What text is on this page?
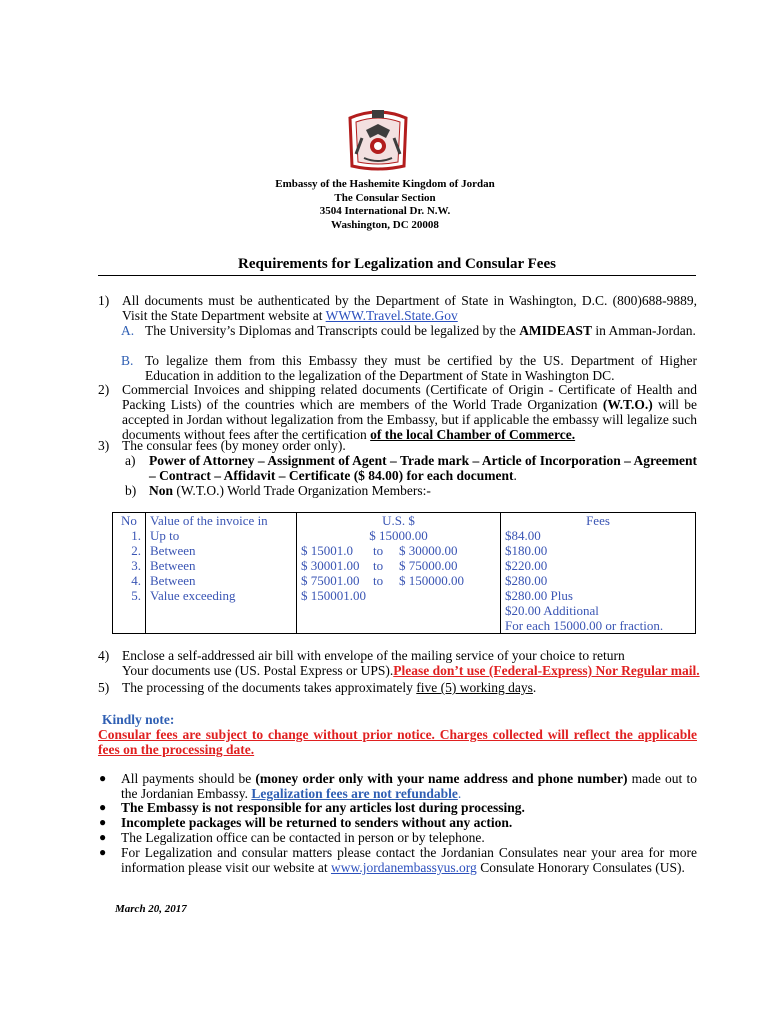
Embassy of the Hashemite Kingdom of Jordan
The Consular Section
3504 International Dr. N.W.
Washington, DC 20008
Requirements for Legalization and Consular Fees
1) All documents must be authenticated by the Department of State in Washington, D.C. (800)688-9889, Visit the State Department website at WWW.Travel.State.Gov
A. The University’s Diplomas and Transcripts could be legalized by the AMIDEAST in Amman-Jordan.
B. To legalize them from this Embassy they must be certified by the US. Department of Higher Education in addition to the legalization of the Department of State in Washington DC.
2) Commercial Invoices and shipping related documents (Certificate of Origin - Certificate of Health and Packing Lists) of the countries which are members of the World Trade Organization (W.T.O.) will be accepted in Jordan without legalization from the Embassy, but if applicable the embassy will legalize such documents without fees after the certification of the local Chamber of Commerce.
3) The consular fees (by money order only).
a) Power of Attorney – Assignment of Agent – Trade mark – Article of Incorporation – Agreement – Contract – Affidavit – Certificate ($ 84.00) for each document.
b) Non (W.T.O.) World Trade Organization Members:-
No	Value of the invoice in	U.S. $	Fees
1.	Up to	$ 15000.00	$84.00
2.	Between	$ 15001.0 to $ 30000.00	$180.00
3.	Between	$ 30001.00 to $ 75000.00	$220.00
4.	Between	$ 75001.00 to $ 150000.00	$280.00
5.	Value exceeding	$ 150001.00	$280.00 Plus
$20.00 Additional
For each 15000.00 or fraction.
4) Enclose a self-addressed air bill with envelope of the mailing service of your choice to return
Your documents use (US. Postal Express or UPS).Please don’t use (Federal-Express) Nor Regular mail.
5) The processing of the documents takes approximately five (5) working days.
Kindly note:
Consular fees are subject to change without prior notice. Charges collected will reflect the applicable fees on the processing date.
● All payments should be (money order only with your name address and phone number) made out to the Jordanian Embassy. Legalization fees are not refundable.
● The Embassy is not responsible for any articles lost during processing.
● Incomplete packages will be returned to senders without any action.
● The Legalization office can be contacted in person or by telephone.
● For Legalization and consular matters please contact the Jordanian Consulates near your area for more information please visit our website at www.jordanembassyus.org Consulate Honorary Consulates (US).
March 20, 2017
